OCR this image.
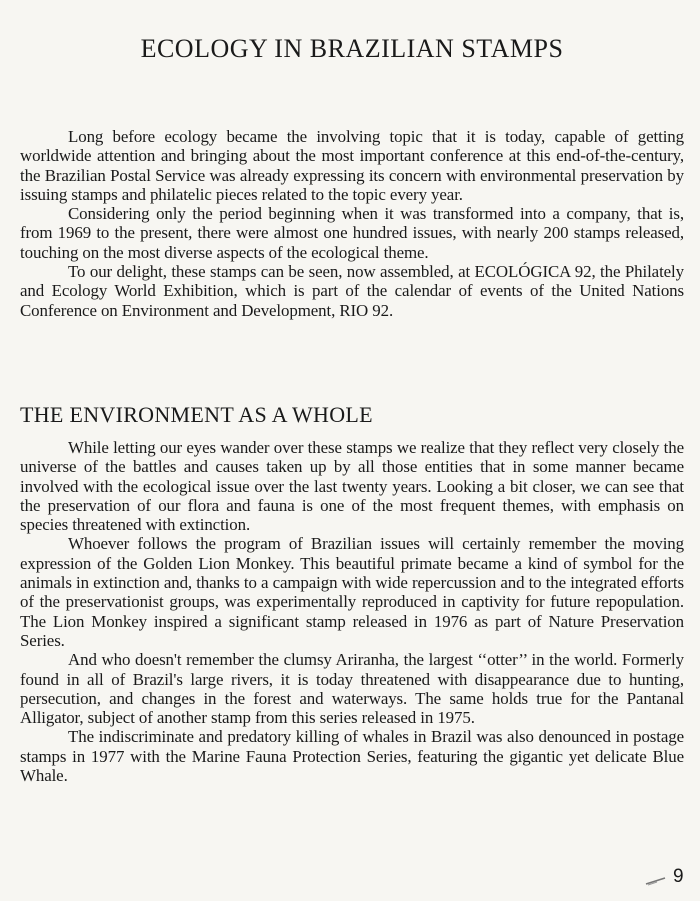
ECOLOGY IN BRAZILIAN STAMPS

Long before ecology became the involving topic that it is today, capable of getting worldwide attention and bringing about the most important conference at this end-of-the-century, the Brazilian Postal Service was already expressing its concern with environmental preservation by issuing stamps and philatelic pieces related to the topic every year.

Considering only the period beginning when it was transformed into a company, that is, from 1969 to the present, there were almost one hundred issues, with nearly 200 stamps released, touching on the most diverse aspects of the ecological theme.

To our delight, these stamps can be seen, now assembled, at ECOLÓGICA 92, the Philately and Ecology World Exhibition, which is part of the calendar of events of the United Nations Conference on Environment and Development, RIO 92.

THE ENVIRONMENT AS A WHOLE

While letting our eyes wander over these stamps we realize that they reflect very closely the universe of the battles and causes taken up by all those entities that in some manner became involved with the ecological issue over the last twenty years. Looking a bit closer, we can see that the preservation of our flora and fauna is one of the most frequent themes, with emphasis on species threatened with extinction.

Whoever follows the program of Brazilian issues will certainly remember the moving expression of the Golden Lion Monkey. This beautiful primate became a kind of symbol for the animals in extinction and, thanks to a campaign with wide repercussion and to the integrated efforts of the preservationist groups, was experimentally reproduced in captivity for future repopulation. The Lion Monkey inspired a significant stamp released in 1976 as part of Nature Preservation Series.

And who doesn't remember the clumsy Ariranha, the largest ‘‘otter’’ in the world. Formerly found in all of Brazil's large rivers, it is today threatened with disappearance due to hunting, persecution, and changes in the forest and waterways. The same holds true for the Pantanal Alligator, subject of another stamp from this series released in 1975.

The indiscriminate and predatory killing of whales in Brazil was also denounced in postage stamps in 1977 with the Marine Fauna Protection Series, featuring the gigantic yet delicate Blue Whale.

9
